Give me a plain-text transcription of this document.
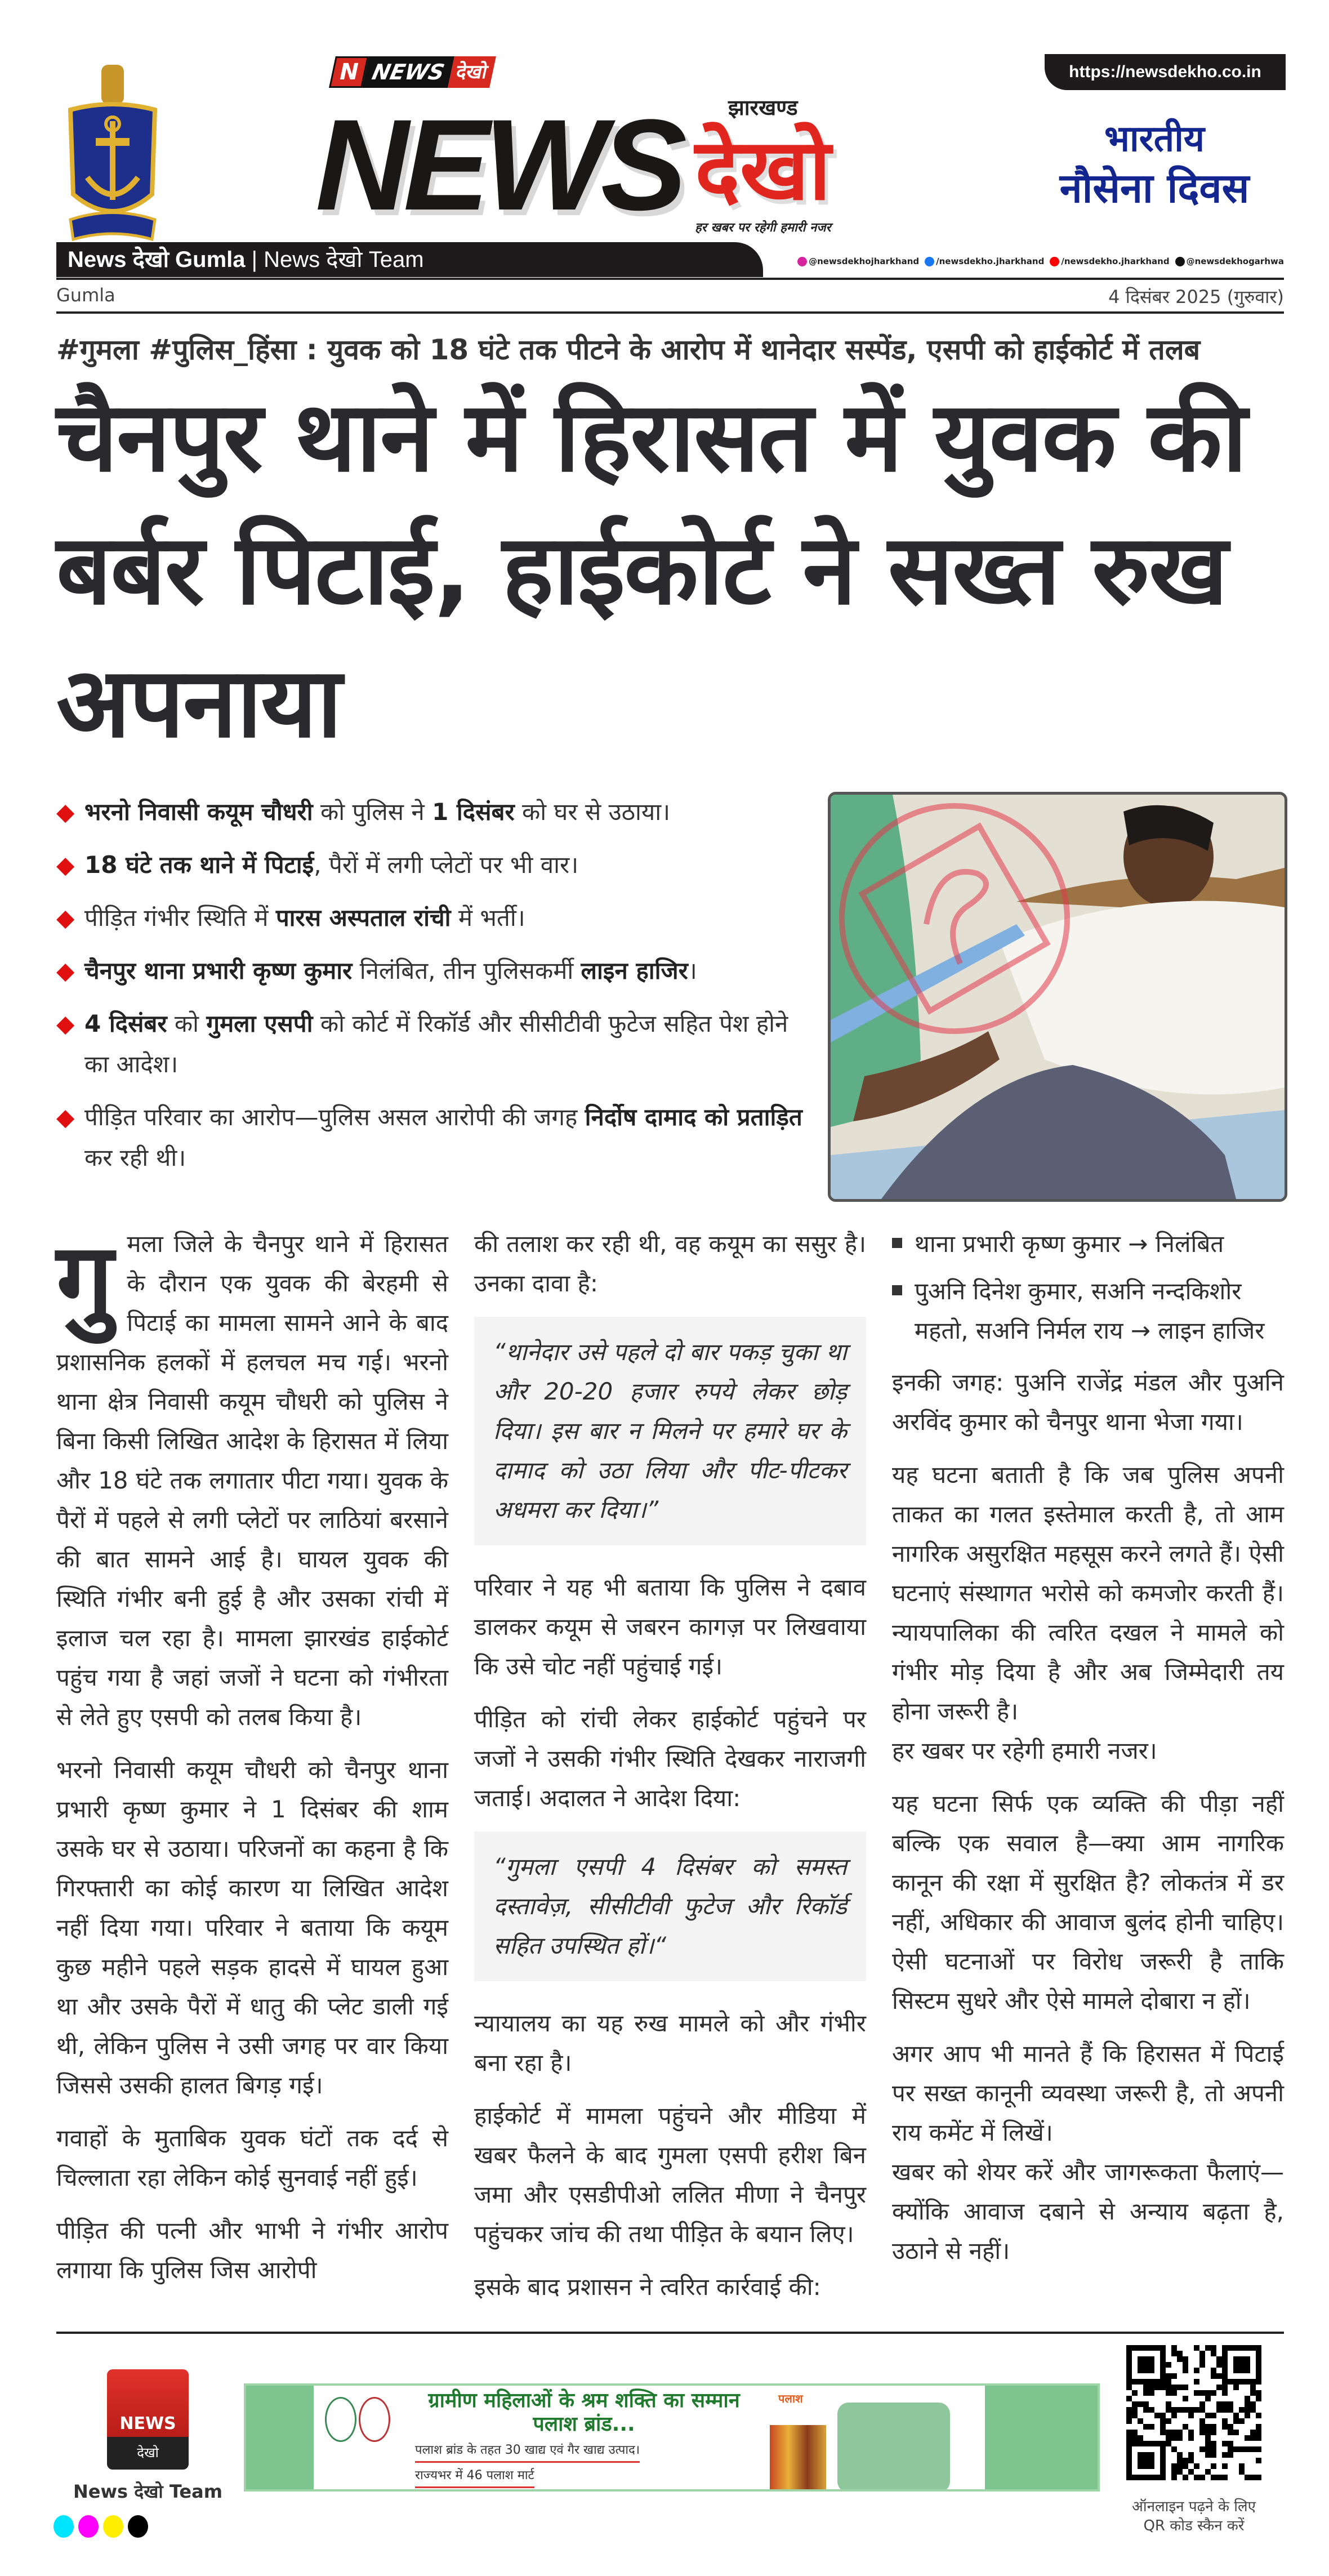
https://newsdekho.co.in
N NEWS देखो
NEWS झारखण्ड
देखो
हर खबर पर रहेगी हमारी नजर
भारतीय
नौसेना दिवस
News देखो Gumla | News देखो Team	@newsdekhojharkhand /newsdekho.jharkhand /newsdekho.jharkhand @newsdekhogarhwa
Gumla	4 दिसंबर 2025 (गुरुवार)
#गुमला #पुलिस_हिंसा : युवक को 18 घंटे तक पीटने के आरोप में थानेदार सस्पेंड, एसपी को हाईकोर्ट में तलब
चैनपुर थाने में हिरासत में युवक की बर्बर पिटाई, हाईकोर्ट ने सख्त रुख अपनाया
◆ भरनो निवासी कयूम चौधरी को पुलिस ने 1 दिसंबर को घर से उठाया।
◆ 18 घंटे तक थाने में पिटाई, पैरों में लगी प्लेटों पर भी वार।
◆ पीड़ित गंभीर स्थिति में पारस अस्पताल रांची में भर्ती।
◆ चैनपुर थाना प्रभारी कृष्ण कुमार निलंबित, तीन पुलिसकर्मी लाइन हाजिर।
◆ 4 दिसंबर को गुमला एसपी को कोर्ट में रिकॉर्ड और सीसीटीवी फुटेज सहित पेश होने का आदेश।
◆ पीड़ित परिवार का आरोप—पुलिस असल आरोपी की जगह निर्दोष दामाद को प्रताड़ित कर रही थी।

गुमला जिले के चैनपुर थाने में हिरासत के दौरान एक युवक की बेरहमी से पिटाई का मामला सामने आने के बाद प्रशासनिक हलकों में हलचल मच गई। भरनो थाना क्षेत्र निवासी कयूम चौधरी को पुलिस ने बिना किसी लिखित आदेश के हिरासत में लिया और 18 घंटे तक लगातार पीटा गया। युवक के पैरों में पहले से लगी प्लेटों पर लाठियां बरसाने की बात सामने आई है। घायल युवक की स्थिति गंभीर बनी हुई है और उसका रांची में इलाज चल रहा है। मामला झारखंड हाईकोर्ट पहुंच गया है जहां जजों ने घटना को गंभीरता से लेते हुए एसपी को तलब किया है।

भरनो निवासी कयूम चौधरी को चैनपुर थाना प्रभारी कृष्ण कुमार ने 1 दिसंबर की शाम उसके घर से उठाया। परिजनों का कहना है कि गिरफ्तारी का कोई कारण या लिखित आदेश नहीं दिया गया। परिवार ने बताया कि कयूम कुछ महीने पहले सड़क हादसे में घायल हुआ था और उसके पैरों में धातु की प्लेट डाली गई थी, लेकिन पुलिस ने उसी जगह पर वार किया जिससे उसकी हालत बिगड़ गई।

गवाहों के मुताबिक युवक घंटों तक दर्द से चिल्लाता रहा लेकिन कोई सुनवाई नहीं हुई।

पीड़ित की पत्नी और भाभी ने गंभीर आरोप लगाया कि पुलिस जिस आरोपी

की तलाश कर रही थी, वह कयूम का ससुर है। उनका दावा है:

“थानेदार उसे पहले दो बार पकड़ चुका था और 20-20 हजार रुपये लेकर छोड़ दिया। इस बार न मिलने पर हमारे घर के दामाद को उठा लिया और पीट-पीटकर अधमरा कर दिया।”

परिवार ने यह भी बताया कि पुलिस ने दबाव डालकर कयूम से जबरन कागज़ पर लिखवाया कि उसे चोट नहीं पहुंचाई गई।

पीड़ित को रांची लेकर हाईकोर्ट पहुंचने पर जजों ने उसकी गंभीर स्थिति देखकर नाराजगी जताई। अदालत ने आदेश दिया:

“गुमला एसपी 4 दिसंबर को समस्त दस्तावेज़, सीसीटीवी फुटेज और रिकॉर्ड सहित उपस्थित हों।“

न्यायालय का यह रुख मामले को और गंभीर बना रहा है।

हाईकोर्ट में मामला पहुंचने और मीडिया में खबर फैलने के बाद गुमला एसपी हरीश बिन जमा और एसडीपीओ ललित मीणा ने चैनपुर पहुंचकर जांच की तथा पीड़ित के बयान लिए।

इसके बाद प्रशासन ने त्वरित कार्रवाई की:

थाना प्रभारी कृष्ण कुमार → निलंबित
पुअनि दिनेश कुमार, सअनि नन्दकिशोर महतो, सअनि निर्मल राय → लाइन हाजिर

इनकी जगह: पुअनि राजेंद्र मंडल और पुअनि अरविंद कुमार को चैनपुर थाना भेजा गया।

यह घटना बताती है कि जब पुलिस अपनी ताकत का गलत इस्तेमाल करती है, तो आम नागरिक असुरक्षित महसूस करने लगते हैं। ऐसी घटनाएं संस्थागत भरोसे को कमजोर करती हैं। न्यायपालिका की त्वरित दखल ने मामले को गंभीर मोड़ दिया है और अब जिम्मेदारी तय होना जरूरी है।

हर खबर पर रहेगी हमारी नजर।

यह घटना सिर्फ एक व्यक्ति की पीड़ा नहीं बल्कि एक सवाल है—क्या आम नागरिक कानून की रक्षा में सुरक्षित है? लोकतंत्र में डर नहीं, अधिकार की आवाज बुलंद होनी चाहिए। ऐसी घटनाओं पर विरोध जरूरी है ताकि सिस्टम सुधरे और ऐसे मामले दोबारा न हों।

अगर आप भी मानते हैं कि हिरासत में पिटाई पर सख्त कानूनी व्यवस्था जरूरी है, तो अपनी राय कमेंट में लिखें।

खबर को शेयर करें और जागरूकता फैलाएं—क्योंकि आवाज दबाने से अन्याय बढ़ता है, उठाने से नहीं।

NEWS
देखो
News देखो Team
ग्रामीण महिलाओं के श्रम शक्ति का सम्मान
पलाश ब्रांड...
पलाश ब्रांड के तहत 30 खाद्य एवं गैर खाद्य उत्पाद।
राज्यभर में 46 पलाश मार्ट
पलाश
ऑनलाइन पढ़ने के लिए
QR कोड स्कैन करें
